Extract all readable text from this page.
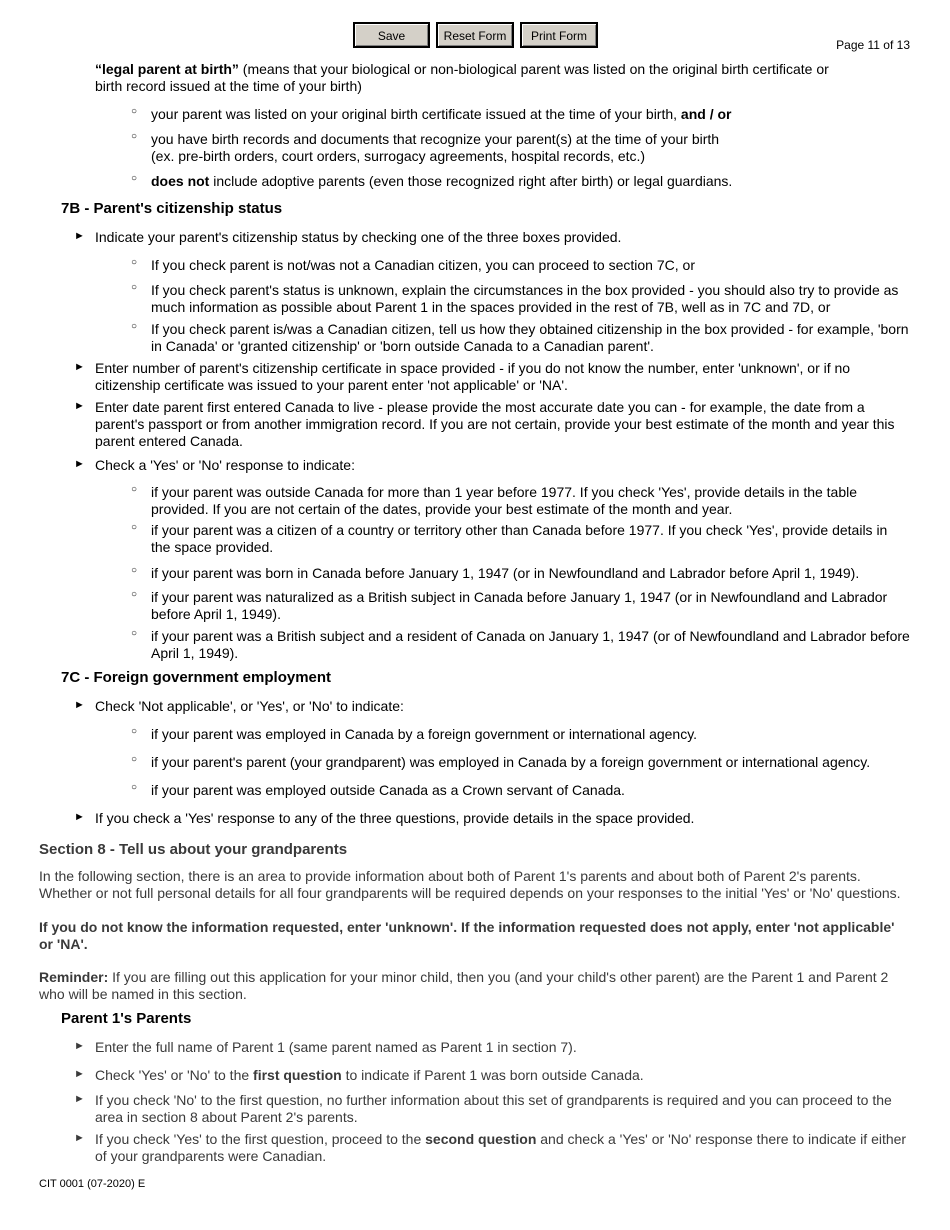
Save	Reset Form	Print Form
Page 11 of 13

“legal parent at birth” (means that your biological or non-biological parent was listed on the original birth certificate or

birth record issued at the time of your birth)

○ your parent was listed on your original birth certificate issued at the time of your birth, and / or

○ you have birth records and documents that recognize your parent(s) at the time of your birth

(ex. pre-birth orders, court orders, surrogacy agreements, hospital records, etc.)

○ does not include adoptive parents (even those recognized right after birth) or legal guardians.

7B - Parent's citizenship status
► Indicate your parent's citizenship status by checking one of the three boxes provided.

○ If you check parent is not/was not a Canadian citizen, you can proceed to section 7C, or

○ If you check parent's status is unknown, explain the circumstances in the box provided - you should also try to provide as

much information as possible about Parent 1 in the spaces provided in the rest of 7B, well as in 7C and 7D, or

○ If you check parent is/was a Canadian citizen, tell us how they obtained citizenship in the box provided - for example, 'born

in Canada' or 'granted citizenship' or 'born outside Canada to a Canadian parent'.

► Enter number of parent's citizenship certificate in space provided - if you do not know the number, enter 'unknown', or if no

citizenship certificate was issued to your parent enter 'not applicable' or 'NA'.

► Enter date parent first entered Canada to live - please provide the most accurate date you can - for example, the date from a

parent's passport or from another immigration record. If you are not certain, provide your best estimate of the month and year this

parent entered Canada.

► Check a 'Yes' or 'No' response to indicate:

○ if your parent was outside Canada for more than 1 year before 1977. If you check 'Yes', provide details in the table

provided. If you are not certain of the dates, provide your best estimate of the month and year.

○ if your parent was a citizen of a country or territory other than Canada before 1977. If you check 'Yes', provide details in

the space provided.

○ if your parent was born in Canada before January 1, 1947 (or in Newfoundland and Labrador before April 1, 1949).

○ if your parent was naturalized as a British subject in Canada before January 1, 1947 (or in Newfoundland and Labrador

before April 1, 1949).

○ if your parent was a British subject and a resident of Canada on January 1, 1947 (or of Newfoundland and Labrador before

April 1, 1949).

7C - Foreign government employment
► Check 'Not applicable', or 'Yes', or 'No' to indicate:

○ if your parent was employed in Canada by a foreign government or international agency.

○ if your parent's parent (your grandparent) was employed in Canada by a foreign government or international agency.

○ if your parent was employed outside Canada as a Crown servant of Canada.

► If you check a 'Yes' response to any of the three questions, provide details in the space provided.

Section 8 - Tell us about your grandparents

In the following section, there is an area to provide information about both of Parent 1's parents and about both of Parent 2's parents.

Whether or not full personal details for all four grandparents will be required depends on your responses to the initial 'Yes' or 'No' questions.

If you do not know the information requested, enter 'unknown'. If the information requested does not apply, enter 'not applicable'

or 'NA'.

Reminder: If you are filling out this application for your minor child, then you (and your child's other parent) are the Parent 1 and Parent 2

who will be named in this section.

Parent 1's Parents
► Enter the full name of Parent 1 (same parent named as Parent 1 in section 7).

► Check 'Yes' or 'No' to the first question to indicate if Parent 1 was born outside Canada.

► If you check 'No' to the first question, no further information about this set of grandparents is required and you can proceed to the

area in section 8 about Parent 2's parents.

► If you check 'Yes' to the first question, proceed to the second question and check a 'Yes' or 'No' response there to indicate if either

of your grandparents were Canadian.

CIT 0001 (07-2020) E
